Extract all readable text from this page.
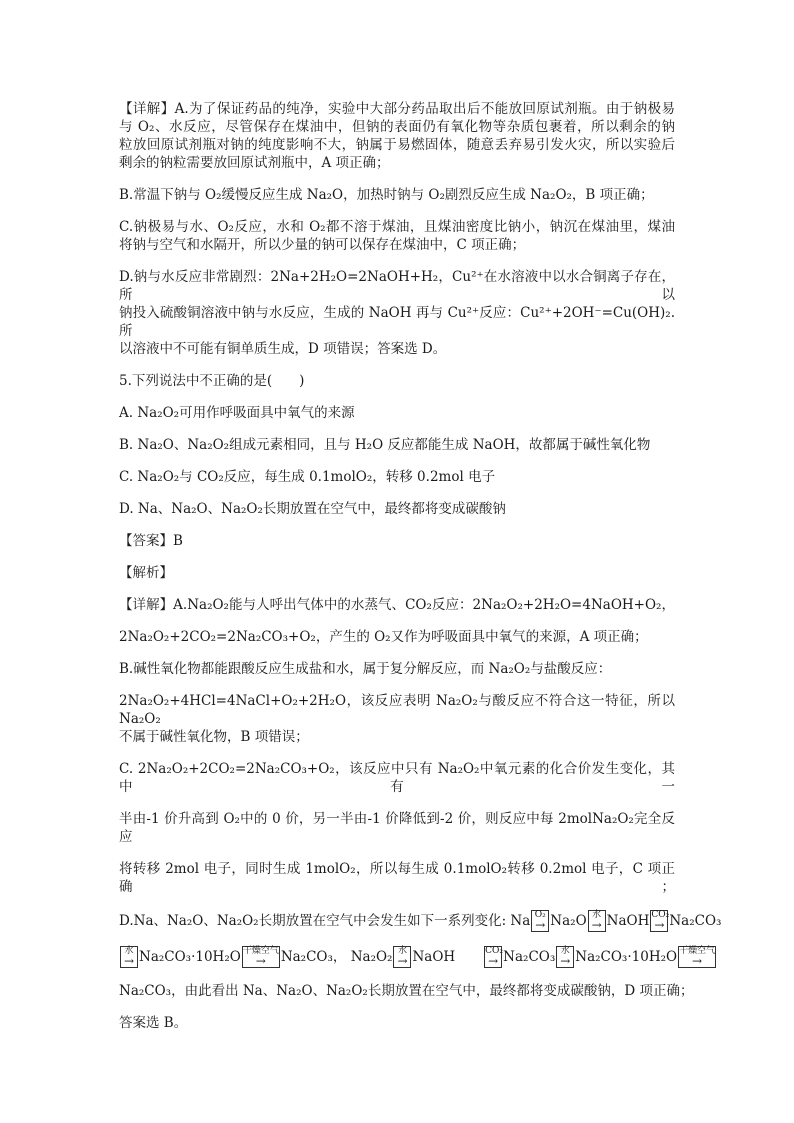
【详解】A.为了保证药品的纯净，实验中大部分药品取出后不能放回原试剂瓶。由于钠极易
与 O₂、水反应，尽管保存在煤油中，但钠的表面仍有氧化物等杂质包裹着，所以剩余的钠
粒放回原试剂瓶对钠的纯度影响不大，钠属于易燃固体，随意丢弃易引发火灾，所以实验后
剩余的钠粒需要放回原试剂瓶中，A 项正确；
B.常温下钠与 O₂缓慢反应生成 Na₂O，加热时钠与 O₂剧烈反应生成 Na₂O₂，B 项正确；
C.钠极易与水、O₂反应，水和 O₂都不溶于煤油，且煤油密度比钠小，钠沉在煤油里，煤油
将钠与空气和水隔开，所以少量的钠可以保存在煤油中，C 项正确；
D.钠与水反应非常剧烈：2Na+2H₂O=2NaOH+H₂，Cu²⁺在水溶液中以水合铜离子存在，所以
钠投入硫酸铜溶液中钠与水反应，生成的 NaOH 再与 Cu²⁺反应：Cu²⁺+2OH⁻=Cu(OH)₂. 所
以溶液中不可能有铜单质生成，D 项错误；答案选 D。
5.下列说法中不正确的是(　　)
A. Na₂O₂可用作呼吸面具中氧气的来源
B. Na₂O、Na₂O₂组成元素相同，且与 H₂O 反应都能生成 NaOH，故都属于碱性氧化物
C. Na₂O₂与 CO₂反应，每生成 0.1molO₂，转移 0.2mol 电子
D. Na、Na₂O、Na₂O₂长期放置在空气中，最终都将变成碳酸钠
【答案】B
【解析】
【详解】A.Na₂O₂能与人呼出气体中的水蒸气、CO₂反应：2Na₂O₂+2H₂O=4NaOH+O₂，
2Na₂O₂+2CO₂=2Na₂CO₃+O₂，产生的 O₂又作为呼吸面具中氧气的来源，A 项正确；
B.碱性氧化物都能跟酸反应生成盐和水，属于复分解反应，而 Na₂O₂与盐酸反应：
2Na₂O₂+4HCl=4NaCl+O₂+2H₂O，该反应表明 Na₂O₂与酸反应不符合这一特征，所以 Na₂O₂
不属于碱性氧化物，B 项错误；
C. 2Na₂O₂+2CO₂=2Na₂CO₃+O₂，该反应中只有 Na₂O₂中氧元素的化合价发生变化，其中有一
半由-1 价升高到 O₂中的 0 价，另一半由-1 价降低到-2 价，则反应中每 2molNa₂O₂完全反应
将转移 2mol 电子，同时生成 1molO₂，所以每生成 0.1molO₂转移 0.2mol 电子，C 项正确；
D.Na、Na₂O、Na₂O₂长期放置在空气中会发生如下一系列变化: Na O₂
→ Na₂O 水
→ NaOH CO₂
→ Na₂CO₃
水
→ Na₂CO₃·10H₂O 干燥空气
→	Na₂CO₃， Na₂O₂ 水
→ NaOH	CO₂
→ Na₂CO₃ 水
→ Na₂CO₃·10H₂O 干燥空气
→
Na₂CO₃，由此看出 Na、Na₂O、Na₂O₂长期放置在空气中，最终都将变成碳酸钠，D 项正确；
答案选 B。
